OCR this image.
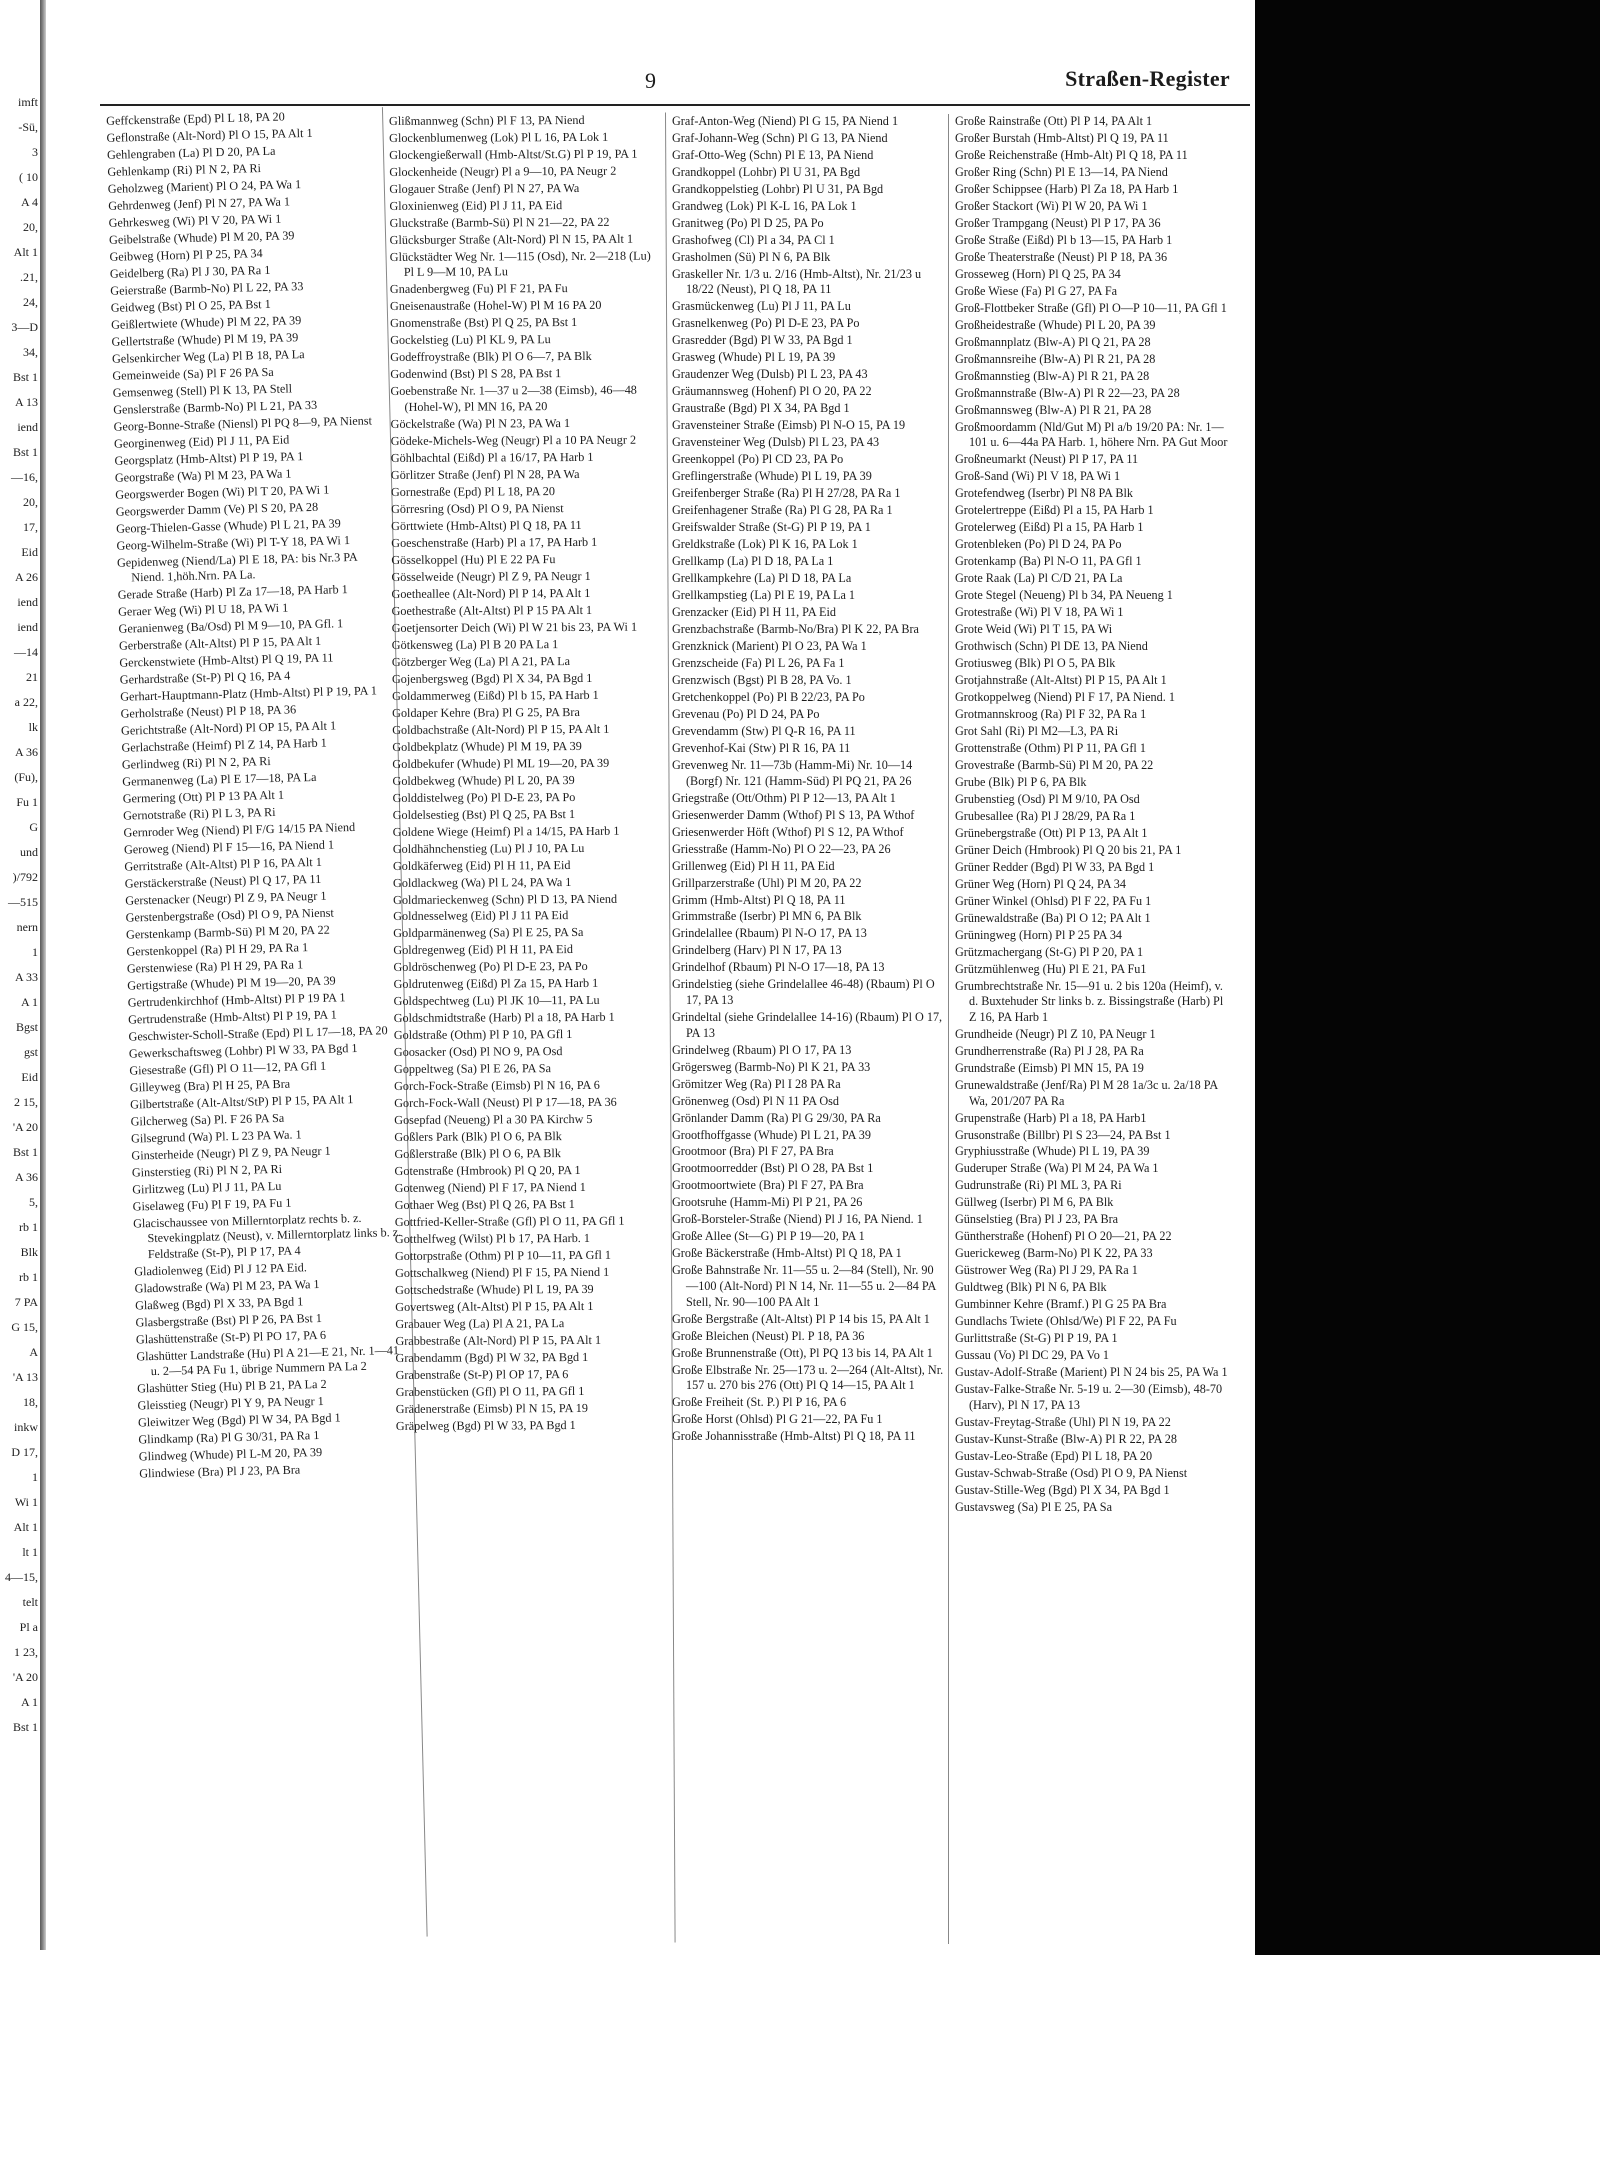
imft
-Sü,
3
( 10
A 4
20,
Alt 1
.21,
24,
3—D
34,
Bst 1
A 13
iend
Bst 1
—16,
20,
17,
Eid
A 26
iend
iend
—14
21
a 22,
lk
A 36
(Fu),
Fu 1
G
und
)/792
—515
nern
1
A 33
A 1
Bgst
gst
Eid
2 15,
'A 20
Bst 1
A 36
5,
rb 1
Blk
rb 1
7 PA
G 15,
A
'A 13
18,
inkw
D 17,
1
Wi 1
Alt 1
lt 1
4—15,
telt
Pl a
1 23,
'A 20
A 1
Bst 1
9	Straßen-Register
Geffckenstraße (Epd) Pl L 18, PA 20
Geflonstraße (Alt-Nord) Pl O 15, PA Alt 1
Gehlengraben (La) Pl D 20, PA La
Gehlenkamp (Ri) Pl N 2, PA Ri
Geholzweg (Marient) Pl O 24, PA Wa 1
Gehrdenweg (Jenf) Pl N 27, PA Wa 1
Gehrkesweg (Wi) Pl V 20, PA Wi 1
Geibelstraße (Whude) Pl M 20, PA 39
Geibweg (Horn) Pl P 25, PA 34
Geidelberg (Ra) Pl J 30, PA Ra 1
Geierstraße (Barmb-No) Pl L 22, PA 33
Geidweg (Bst) Pl O 25, PA Bst 1
Geißlertwiete (Whude) Pl M 22, PA 39
Gellertstraße (Whude) Pl M 19, PA 39
Gelsenkircher Weg (La) Pl B 18, PA La
Gemeinweide (Sa) Pl F 26 PA Sa
Gemsenweg (Stell) Pl K 13, PA Stell
Genslerstraße (Barmb-No) Pl L 21, PA 33
Georg-Bonne-Straße (Niensl) Pl PQ 8—9, PA Nienst
Georginenweg (Eid) Pl J 11, PA Eid
Georgsplatz (Hmb-Altst) Pl P 19, PA 1
Georgstraße (Wa) Pl M 23, PA Wa 1
Georgswerder Bogen (Wi) Pl T 20, PA Wi 1
Georgswerder Damm (Ve) Pl S 20, PA 28
Georg-Thielen-Gasse (Whude) Pl L 21, PA 39
Georg-Wilhelm-Straße (Wi) Pl T-Y 18, PA Wi 1
Gepidenweg (Niend/La) Pl E 18, PA: bis Nr.3 PA Niend. 1,höh.Nrn. PA La.
Gerade Straße (Harb) Pl Za 17—18, PA Harb 1
Geraer Weg (Wi) Pl U 18, PA Wi 1
Geranienweg (Ba/Osd) Pl M 9—10, PA Gfl. 1
Gerberstraße (Alt-Altst) Pl P 15, PA Alt 1
Gerckenstwiete (Hmb-Altst) Pl Q 19, PA 11
Gerhardstraße (St-P) Pl Q 16, PA 4
Gerhart-Hauptmann-Platz (Hmb-Altst) Pl P 19, PA 1
Gerholstraße (Neust) Pl P 18, PA 36
Gerichtstraße (Alt-Nord) Pl OP 15, PA Alt 1
Gerlachstraße (Heimf) Pl Z 14, PA Harb 1
Gerlindweg (Ri) Pl N 2, PA Ri
Germanenweg (La) Pl E 17—18, PA La
Germering (Ott) Pl P 13 PA Alt 1
Gernotstraße (Ri) Pl L 3, PA Ri
Gernroder Weg (Niend) Pl F/G 14/15 PA Niend
Geroweg (Niend) Pl F 15—16, PA Niend 1
Gerritstraße (Alt-Altst) Pl P 16, PA Alt 1
Gerstäckerstraße (Neust) Pl Q 17, PA 11
Gerstenacker (Neugr) Pl Z 9, PA Neugr 1
Gerstenbergstraße (Osd) Pl O 9, PA Nienst
Gerstenkamp (Barmb-Sü) Pl M 20, PA 22
Gerstenkoppel (Ra) Pl H 29, PA Ra 1
Gerstenwiese (Ra) Pl H 29, PA Ra 1
Gertigstraße (Whude) Pl M 19—20, PA 39
Gertrudenkirchhof (Hmb-Altst) Pl P 19 PA 1
Gertrudenstraße (Hmb-Altst) Pl P 19, PA 1
Geschwister-Scholl-Straße (Epd) Pl L 17—18, PA 20
Gewerkschaftsweg (Lohbr) Pl W 33, PA Bgd 1
Giesestraße (Gfl) Pl O 11—12, PA Gfl 1
Gilleyweg (Bra) Pl H 25, PA Bra
Gilbertstraße (Alt-Altst/StP) Pl P 15, PA Alt 1
Gilcherweg (Sa) Pl. F 26 PA Sa
Gilsegrund (Wa) Pl. L 23 PA Wa. 1
Ginsterheide (Neugr) Pl Z 9, PA Neugr 1
Ginsterstieg (Ri) Pl N 2, PA Ri
Girlitzweg (Lu) Pl J 11, PA Lu
Giselaweg (Fu) Pl F 19, PA Fu 1
Glacischaussee von Millerntorplatz rechts b. z. Stevekingplatz (Neust), v. Millerntorplatz links b. z. Feldstraße (St-P), Pl P 17, PA 4
Gladiolenweg (Eid) Pl J 12 PA Eid.
Gladowstraße (Wa) Pl M 23, PA Wa 1
Glaßweg (Bgd) Pl X 33, PA Bgd 1
Glasbergstraße (Bst) Pl P 26, PA Bst 1
Glashüttenstraße (St-P) Pl PO 17, PA 6
Glashütter Landstraße (Hu) Pl A 21—E 21, Nr. 1—41 u. 2—54 PA Fu 1, übrige Nummern PA La 2
Glashütter Stieg (Hu) Pl B 21, PA La 2
Gleisstieg (Neugr) Pl Y 9, PA Neugr 1
Gleiwitzer Weg (Bgd) Pl W 34, PA Bgd 1
Glindkamp (Ra) Pl G 30/31, PA Ra 1
Glindweg (Whude) Pl L-M 20, PA 39
Glindwiese (Bra) Pl J 23, PA Bra
Glißmannweg (Schn) Pl F 13, PA Niend
Glockenblumenweg (Lok) Pl L 16, PA Lok 1
Glockengießerwall (Hmb-Altst/St.G) Pl P 19, PA 1
Glockenheide (Neugr) Pl a 9—10, PA Neugr 2
Glogauer Straße (Jenf) Pl N 27, PA Wa
Gloxinienweg (Eid) Pl J 11, PA Eid
Gluckstraße (Barmb-Sü) Pl N 21—22, PA 22
Glücksburger Straße (Alt-Nord) Pl N 15, PA Alt 1
Glückstädter Weg Nr. 1—115 (Osd), Nr. 2—218 (Lu) Pl L 9—M 10, PA Lu
Gnadenbergweg (Fu) Pl F 21, PA Fu
Gneisenaustraße (Hohel-W) Pl M 16 PA 20
Gnomenstraße (Bst) Pl Q 25, PA Bst 1
Gockelstieg (Lu) Pl KL 9, PA Lu
Godeffroystraße (Blk) Pl O 6—7, PA Blk
Godenwind (Bst) Pl S 28, PA Bst 1
Goebenstraße Nr. 1—37 u 2—38 (Eimsb), 46—48 (Hohel-W), Pl MN 16, PA 20
Göckelstraße (Wa) Pl N 23, PA Wa 1
Gödeke-Michels-Weg (Neugr) Pl a 10 PA Neugr 2
Göhlbachtal (Eißd) Pl a 16/17, PA Harb 1
Görlitzer Straße (Jenf) Pl N 28, PA Wa
Gornestraße (Epd) Pl L 18, PA 20
Görresring (Osd) Pl O 9, PA Nienst
Görttwiete (Hmb-Altst) Pl Q 18, PA 11
Goeschenstraße (Harb) Pl a 17, PA Harb 1
Gösselkoppel (Hu) Pl E 22 PA Fu
Gösselweide (Neugr) Pl Z 9, PA Neugr 1
Goetheallee (Alt-Nord) Pl P 14, PA Alt 1
Goethestraße (Alt-Altst) Pl P 15 PA Alt 1
Goetjensorter Deich (Wi) Pl W 21 bis 23, PA Wi 1
Götkensweg (La) Pl B 20 PA La 1
Götzberger Weg (La) Pl A 21, PA La
Gojenbergsweg (Bgd) Pl X 34, PA Bgd 1
Goldammerweg (Eißd) Pl b 15, PA Harb 1
Goldaper Kehre (Bra) Pl G 25, PA Bra
Goldbachstraße (Alt-Nord) Pl P 15, PA Alt 1
Goldbekplatz (Whude) Pl M 19, PA 39
Goldbekufer (Whude) Pl ML 19—20, PA 39
Goldbekweg (Whude) Pl L 20, PA 39
Golddistelweg (Po) Pl D-E 23, PA Po
Goldelsestieg (Bst) Pl Q 25, PA Bst 1
Goldene Wiege (Heimf) Pl a 14/15, PA Harb 1
Goldhähnchenstieg (Lu) Pl J 10, PA Lu
Goldkäferweg (Eid) Pl H 11, PA Eid
Goldlackweg (Wa) Pl L 24, PA Wa 1
Goldmarieckenweg (Schn) Pl D 13, PA Niend
Goldnesselweg (Eid) Pl J 11 PA Eid
Goldparmänenweg (Sa) Pl E 25, PA Sa
Goldregenweg (Eid) Pl H 11, PA Eid
Goldröschenweg (Po) Pl D-E 23, PA Po
Goldrutenweg (Eißd) Pl Za 15, PA Harb 1
Goldspechtweg (Lu) Pl JK 10—11, PA Lu
Goldschmidtstraße (Harb) Pl a 18, PA Harb 1
Goldstraße (Othm) Pl P 10, PA Gfl 1
Goosacker (Osd) Pl NO 9, PA Osd
Goppeltweg (Sa) Pl E 26, PA Sa
Gorch-Fock-Straße (Eimsb) Pl N 16, PA 6
Gorch-Fock-Wall (Neust) Pl P 17—18, PA 36
Gosepfad (Neueng) Pl a 30 PA Kirchw 5
Goßlers Park (Blk) Pl O 6, PA Blk
Goßlerstraße (Blk) Pl O 6, PA Blk
Gotenstraße (Hmbrook) Pl Q 20, PA 1
Gotenweg (Niend) Pl F 17, PA Niend 1
Gothaer Weg (Bst) Pl Q 26, PA Bst 1
Gottfried-Keller-Straße (Gfl) Pl O 11, PA Gfl 1
Gotthelfweg (Wilst) Pl b 17, PA Harb. 1
Gottorpstraße (Othm) Pl P 10—11, PA Gfl 1
Gottschalkweg (Niend) Pl F 15, PA Niend 1
Gottschedstraße (Whude) Pl L 19, PA 39
Govertsweg (Alt-Altst) Pl P 15, PA Alt 1
Grabauer Weg (La) Pl A 21, PA La
Grabbestraße (Alt-Nord) Pl P 15, PA Alt 1
Grabendamm (Bgd) Pl W 32, PA Bgd 1
Grabenstraße (St-P) Pl OP 17, PA 6
Grabenstücken (Gfl) Pl O 11, PA Gfl 1
Grädenerstraße (Eimsb) Pl N 15, PA 19
Gräpelweg (Bgd) Pl W 33, PA Bgd 1
Graf-Anton-Weg (Niend) Pl G 15, PA Niend 1
Graf-Johann-Weg (Schn) Pl G 13, PA Niend
Graf-Otto-Weg (Schn) Pl E 13, PA Niend
Grandkoppel (Lohbr) Pl U 31, PA Bgd
Grandkoppelstieg (Lohbr) Pl U 31, PA Bgd
Grandweg (Lok) Pl K-L 16, PA Lok 1
Granitweg (Po) Pl D 25, PA Po
Grashofweg (Cl) Pl a 34, PA Cl 1
Grasholmen (Sü) Pl N 6, PA Blk
Graskeller Nr. 1/3 u. 2/16 (Hmb-Altst), Nr. 21/23 u 18/22 (Neust), Pl Q 18, PA 11
Grasmückenweg (Lu) Pl J 11, PA Lu
Grasnelkenweg (Po) Pl D-E 23, PA Po
Grasredder (Bgd) Pl W 33, PA Bgd 1
Grasweg (Whude) Pl L 19, PA 39
Graudenzer Weg (Dulsb) Pl L 23, PA 43
Gräumannsweg (Hohenf) Pl O 20, PA 22
Graustraße (Bgd) Pl X 34, PA Bgd 1
Gravensteiner Straße (Eimsb) Pl N-O 15, PA 19
Gravensteiner Weg (Dulsb) Pl L 23, PA 43
Greenkoppel (Po) Pl CD 23, PA Po
Greflingerstraße (Whude) Pl L 19, PA 39
Greifenberger Straße (Ra) Pl H 27/28, PA Ra 1
Greifenhagener Straße (Ra) Pl G 28, PA Ra 1
Greifswalder Straße (St-G) Pl P 19, PA 1
Greldkstraße (Lok) Pl K 16, PA Lok 1
Grellkamp (La) Pl D 18, PA La 1
Grellkampkehre (La) Pl D 18, PA La
Grellkampstieg (La) Pl E 19, PA La 1
Grenzacker (Eid) Pl H 11, PA Eid
Grenzbachstraße (Barmb-No/Bra) Pl K 22, PA Bra
Grenzknick (Marient) Pl O 23, PA Wa 1
Grenzscheide (Fa) Pl L 26, PA Fa 1
Grenzwisch (Bgst) Pl B 28, PA Vo. 1
Gretchenkoppel (Po) Pl B 22/23, PA Po
Grevenau (Po) Pl D 24, PA Po
Grevendamm (Stw) Pl Q-R 16, PA 11
Grevenhof-Kai (Stw) Pl R 16, PA 11
Grevenweg Nr. 11—73b (Hamm-Mi) Nr. 10—14 (Borgf) Nr. 121 (Hamm-Süd) Pl PQ 21, PA 26
Griegstraße (Ott/Othm) Pl P 12—13, PA Alt 1
Griesenwerder Damm (Wthof) Pl S 13, PA Wthof
Griesenwerder Höft (Wthof) Pl S 12, PA Wthof
Griesstraße (Hamm-No) Pl O 22—23, PA 26
Grillenweg (Eid) Pl H 11, PA Eid
Grillparzerstraße (Uhl) Pl M 20, PA 22
Grimm (Hmb-Altst) Pl Q 18, PA 11
Grimmstraße (Iserbr) Pl MN 6, PA Blk
Grindelallee (Rbaum) Pl N-O 17, PA 13
Grindelberg (Harv) Pl N 17, PA 13
Grindelhof (Rbaum) Pl N-O 17—18, PA 13
Grindelstieg (siehe Grindelallee 46-48) (Rbaum) Pl O 17, PA 13
Grindeltal (siehe Grindelallee 14-16) (Rbaum) Pl O 17, PA 13
Grindelweg (Rbaum) Pl O 17, PA 13
Grögersweg (Barmb-No) Pl K 21, PA 33
Grömitzer Weg (Ra) Pl I 28 PA Ra
Grönenweg (Osd) Pl N 11 PA Osd
Grönlander Damm (Ra) Pl G 29/30, PA Ra
Grootfhoffgasse (Whude) Pl L 21, PA 39
Grootmoor (Bra) Pl F 27, PA Bra
Grootmoorredder (Bst) Pl O 28, PA Bst 1
Grootmoortwiete (Bra) Pl F 27, PA Bra
Grootsruhe (Hamm-Mi) Pl P 21, PA 26
Groß-Borsteler-Straße (Niend) Pl J 16, PA Niend. 1
Große Allee (St—G) Pl P 19—20, PA 1
Große Bäckerstraße (Hmb-Altst) Pl Q 18, PA 1
Große Bahnstraße Nr. 11—55 u. 2—84 (Stell), Nr. 90—100 (Alt-Nord) Pl N 14, Nr. 11—55 u. 2—84 PA Stell, Nr. 90—100 PA Alt 1
Große Bergstraße (Alt-Altst) Pl P 14 bis 15, PA Alt 1
Große Bleichen (Neust) Pl. P 18, PA 36
Große Brunnenstraße (Ott), Pl PQ 13 bis 14, PA Alt 1
Große Elbstraße Nr. 25—173 u. 2—264 (Alt-Altst), Nr. 157 u. 270 bis 276 (Ott) Pl Q 14—15, PA Alt 1
Große Freiheit (St. P.) Pl P 16, PA 6
Große Horst (Ohlsd) Pl G 21—22, PA Fu 1
Große Johannisstraße (Hmb-Altst) Pl Q 18, PA 11
Große Rainstraße (Ott) Pl P 14, PA Alt 1
Großer Burstah (Hmb-Altst) Pl Q 19, PA 11
Große Reichenstraße (Hmb-Alt) Pl Q 18, PA 11
Großer Ring (Schn) Pl E 13—14, PA Niend
Großer Schippsee (Harb) Pl Za 18, PA Harb 1
Großer Stackort (Wi) Pl W 20, PA Wi 1
Großer Trampgang (Neust) Pl P 17, PA 36
Große Straße (Eißd) Pl b 13—15, PA Harb 1
Große Theaterstraße (Neust) Pl P 18, PA 36
Grosseweg (Horn) Pl Q 25, PA 34
Große Wiese (Fa) Pl G 27, PA Fa
Groß-Flottbeker Straße (Gfl) Pl O—P 10—11, PA Gfl 1
Großheidestraße (Whude) Pl L 20, PA 39
Großmannplatz (Blw-A) Pl Q 21, PA 28
Großmannsreihe (Blw-A) Pl R 21, PA 28
Großmannstieg (Blw-A) Pl R 21, PA 28
Großmannstraße (Blw-A) Pl R 22—23, PA 28
Großmannsweg (Blw-A) Pl R 21, PA 28
Großmoordamm (Nld/Gut M) Pl a/b 19/20 PA: Nr. 1—101 u. 6—44a PA Harb. 1, höhere Nrn. PA Gut Moor
Großneumarkt (Neust) Pl P 17, PA 11
Groß-Sand (Wi) Pl V 18, PA Wi 1
Grotefendweg (Iserbr) Pl N8 PA Blk
Grotelertreppe (Eißd) Pl a 15, PA Harb 1
Grotelerweg (Eißd) Pl a 15, PA Harb 1
Grotenbleken (Po) Pl D 24, PA Po
Grotenkamp (Ba) Pl N-O 11, PA Gfl 1
Grote Raak (La) Pl C/D 21, PA La
Grote Stegel (Neueng) Pl b 34, PA Neueng 1
Grotestraße (Wi) Pl V 18, PA Wi 1
Grote Weid (Wi) Pl T 15, PA Wi
Grothwisch (Schn) Pl DE 13, PA Niend
Grotiusweg (Blk) Pl O 5, PA Blk
Grotjahnstraße (Alt-Altst) Pl P 15, PA Alt 1
Grotkoppelweg (Niend) Pl F 17, PA Niend. 1
Grotmannskroog (Ra) Pl F 32, PA Ra 1
Grot Sahl (Ri) Pl M2—L3, PA Ri
Grottenstraße (Othm) Pl P 11, PA Gfl 1
Grovestraße (Barmb-Sü) Pl M 20, PA 22
Grube (Blk) Pl P 6, PA Blk
Grubenstieg (Osd) Pl M 9/10, PA Osd
Grubesallee (Ra) Pl J 28/29, PA Ra 1
Grünebergstraße (Ott) Pl P 13, PA Alt 1
Grüner Deich (Hmbrook) Pl Q 20 bis 21, PA 1
Grüner Redder (Bgd) Pl W 33, PA Bgd 1
Grüner Weg (Horn) Pl Q 24, PA 34
Grüner Winkel (Ohlsd) Pl F 22, PA Fu 1
Grünewaldstraße (Ba) Pl O 12; PA Alt 1
Grüningweg (Horn) Pl P 25 PA 34
Grützmachergang (St-G) Pl P 20, PA 1
Grützmühlenweg (Hu) Pl E 21, PA Fu1
Grumbrechtstraße Nr. 15—91 u. 2 bis 120a (Heimf), v. d. Buxtehuder Str links b. z. Bissingstraße (Harb) Pl Z 16, PA Harb 1
Grundheide (Neugr) Pl Z 10, PA Neugr 1
Grundherrenstraße (Ra) Pl J 28, PA Ra
Grundstraße (Eimsb) Pl MN 15, PA 19
Grunewaldstraße (Jenf/Ra) Pl M 28 1a/3c u. 2a/18 PA Wa, 201/207 PA Ra
Grupenstraße (Harb) Pl a 18, PA Harb1
Grusonstraße (Billbr) Pl S 23—24, PA Bst 1
Gryphiusstraße (Whude) Pl L 19, PA 39
Guderuper Straße (Wa) Pl M 24, PA Wa 1
Gudrunstraße (Ri) Pl ML 3, PA Ri
Güllweg (Iserbr) Pl M 6, PA Blk
Günselstieg (Bra) Pl J 23, PA Bra
Güntherstraße (Hohenf) Pl O 20—21, PA 22
Guerickeweg (Barm-No) Pl K 22, PA 33
Güstrower Weg (Ra) Pl J 29, PA Ra 1
Guldtweg (Blk) Pl N 6, PA Blk
Gumbinner Kehre (Bramf.) Pl G 25 PA Bra
Gundlachs Twiete (Ohlsd/We) Pl F 22, PA Fu
Gurlittstraße (St-G) Pl P 19, PA 1
Gussau (Vo) Pl DC 29, PA Vo 1
Gustav-Adolf-Straße (Marient) Pl N 24 bis 25, PA Wa 1
Gustav-Falke-Straße Nr. 5-19 u. 2—30 (Eimsb), 48-70 (Harv), Pl N 17, PA 13
Gustav-Freytag-Straße (Uhl) Pl N 19, PA 22
Gustav-Kunst-Straße (Blw-A) Pl R 22, PA 28
Gustav-Leo-Straße (Epd) Pl L 18, PA 20
Gustav-Schwab-Straße (Osd) Pl O 9, PA Nienst
Gustav-Stille-Weg (Bgd) Pl X 34, PA Bgd 1
Gustavsweg (Sa) Pl E 25, PA Sa
